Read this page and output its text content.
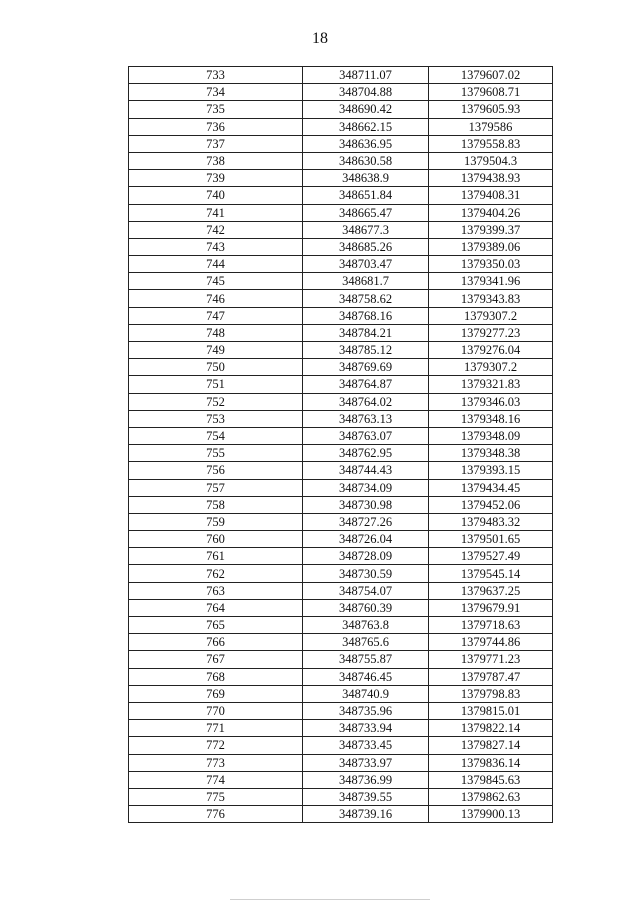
18
733	348711.07	1379607.02
734	348704.88	1379608.71
735	348690.42	1379605.93
736	348662.15	1379586
737	348636.95	1379558.83
738	348630.58	1379504.3
739	348638.9	1379438.93
740	348651.84	1379408.31
741	348665.47	1379404.26
742	348677.3	1379399.37
743	348685.26	1379389.06
744	348703.47	1379350.03
745	348681.7	1379341.96
746	348758.62	1379343.83
747	348768.16	1379307.2
748	348784.21	1379277.23
749	348785.12	1379276.04
750	348769.69	1379307.2
751	348764.87	1379321.83
752	348764.02	1379346.03
753	348763.13	1379348.16
754	348763.07	1379348.09
755	348762.95	1379348.38
756	348744.43	1379393.15
757	348734.09	1379434.45
758	348730.98	1379452.06
759	348727.26	1379483.32
760	348726.04	1379501.65
761	348728.09	1379527.49
762	348730.59	1379545.14
763	348754.07	1379637.25
764	348760.39	1379679.91
765	348763.8	1379718.63
766	348765.6	1379744.86
767	348755.87	1379771.23
768	348746.45	1379787.47
769	348740.9	1379798.83
770	348735.96	1379815.01
771	348733.94	1379822.14
772	348733.45	1379827.14
773	348733.97	1379836.14
774	348736.99	1379845.63
775	348739.55	1379862.63
776	348739.16	1379900.13
